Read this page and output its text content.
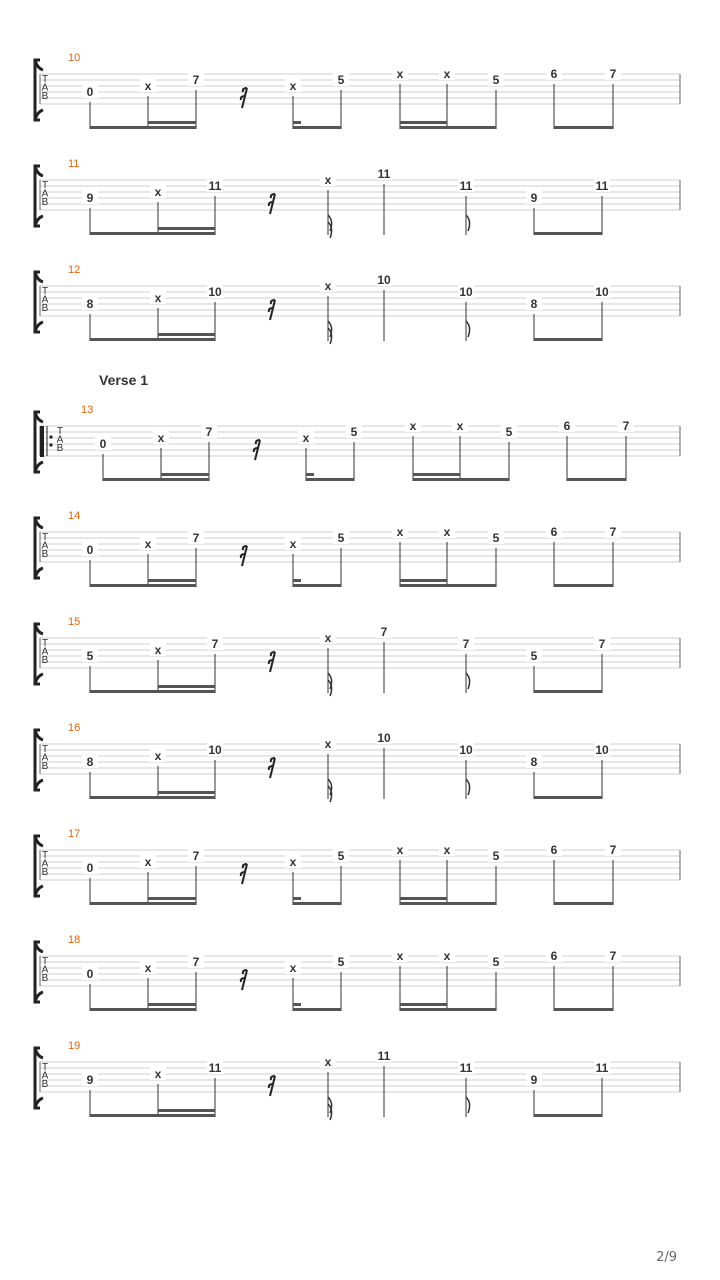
Verse 1
10
T
A
B	0	x	7	x	5	x	x	5	6	7
11
T
A
B	9	x	11	x	11
11
9
11
12
T
A
B	8	x	10	x	10
10
8
10
13
T
A
B	0	x	7	x	5	x	x	5	6	7
14
T
A
B	0	x	7	x	5	x	x	5	6	7
15
T
A
B	5	x	7	x	7
7
5
7
16
T
A
B	8	x	10	x	10
10
8
10
17
T
A
B	0	x	7	x	5	x	x	5	6	7
18
T
A
B	0	x	7	x	5	x	x	5	6	7
19
T
A
B	9	x	11	x	11
11
9
11
2/9
